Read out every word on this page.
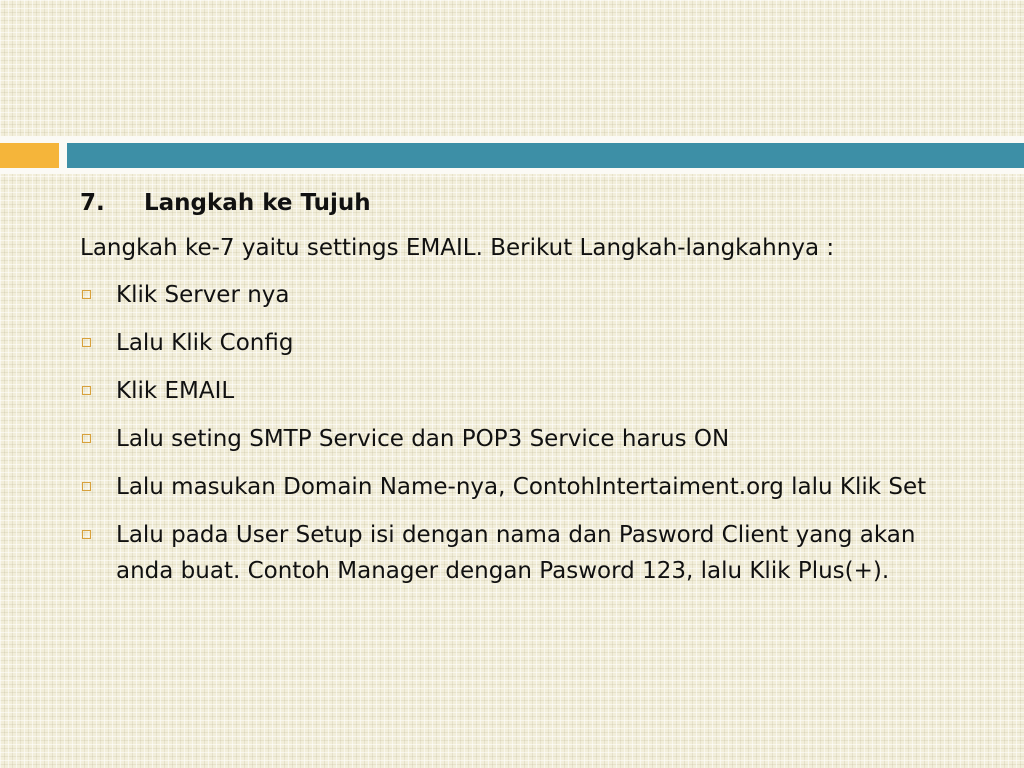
7.	Langkah ke Tujuh
Langkah ke-7 yaitu settings EMAIL. Berikut Langkah-langkahnya :
Klik Server nya
Lalu Klik Config
Klik EMAIL
Lalu seting SMTP Service dan POP3 Service harus ON
Lalu masukan Domain Name-nya, ContohIntertaiment.org lalu Klik Set
Lalu pada User Setup isi dengan nama dan Pasword Client yang akan anda buat. Contoh Manager dengan Pasword 123, lalu Klik Plus(+).
